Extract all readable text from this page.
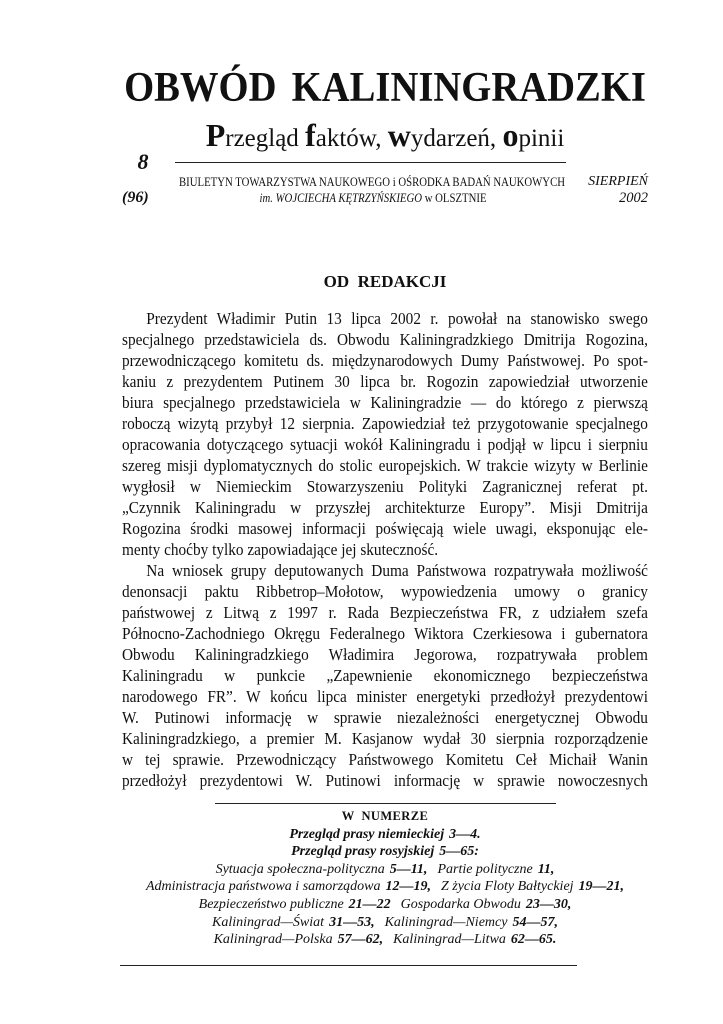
OBWÓD KALININGRADZKI
Przegląd faktów, wydarzeń, opinii
8
(96)
BIULETYN TOWARZYSTWA NAUKOWEGO i OŚRODKA BADAŃ NAUKOWYCH
im. WOJCIECHA KĘTRZYŃSKIEGO w OLSZTNIE
SIERPIEŃ
2002
OD  REDAKCJI
Prezydent Władimir Putin 13 lipca 2002 r. powołał na stanowisko swego
specjalnego przedstawiciela ds. Obwodu Kaliningradzkiego Dmitrija Rogozina,
przewodniczącego komitetu ds. międzynarodowych Dumy Państwowej. Po spot-
kaniu z prezydentem Putinem 30 lipca br. Rogozin zapowiedział utworzenie
biura specjalnego przedstawiciela w Kaliningradzie — do którego z pierwszą
roboczą wizytą przybył 12 sierpnia. Zapowiedział też przygotowanie specjalnego
opracowania dotyczącego sytuacji wokół Kaliningradu i podjął w lipcu i sierpniu
szereg misji dyplomatycznych do stolic europejskich. W trakcie wizyty w Berlinie
wygłosił w Niemieckim Stowarzyszeniu Polityki Zagranicznej referat pt.
„Czynnik Kaliningradu w przyszłej architekturze Europy”. Misji Dmitrija
Rogozina środki masowej informacji poświęcają wiele uwagi, eksponując ele-
menty choćby tylko zapowiadające jej skuteczność.
Na wniosek grupy deputowanych Duma Państwowa rozpatrywała możliwość
denonsacji paktu Ribbetrop–Mołotow, wypowiedzenia umowy o granicy
państwowej z Litwą z 1997 r. Rada Bezpieczeństwa FR, z udziałem szefa
Północno-Zachodniego Okręgu Federalnego Wiktora Czerkiesowa i gubernatora
Obwodu Kaliningradzkiego Władimira Jegorowa, rozpatrywała problem
Kaliningradu w punkcie „Zapewnienie ekonomicznego bezpieczeństwa
narodowego FR”. W końcu lipca minister energetyki przedłożył prezydentowi
W. Putinowi informację w sprawie niezależności energetycznej Obwodu
Kaliningradzkiego, a premier M. Kasjanow wydał 30 sierpnia rozporządzenie
w tej sprawie. Przewodniczący Państwowego Komitetu Ceł Michaił Wanin
przedłożył prezydentowi W. Putinowi informację w sprawie nowoczesnych
W  NUMERZE
Przegląd prasy niemieckiej 3—4.
Przegląd prasy rosyjskiej 5—65:
Sytuacja społeczna-polityczna 5—11, Partie polityczne 11,
Administracja państwowa i samorządowa 12—19, Z życia Floty Bałtyckiej 19—21,
Bezpieczeństwo publiczne 21—22 Gospodarka Obwodu 23—30,
Kaliningrad—Świat 31—53, Kaliningrad—Niemcy 54—57,
Kaliningrad—Polska 57—62, Kaliningrad—Litwa 62—65.
